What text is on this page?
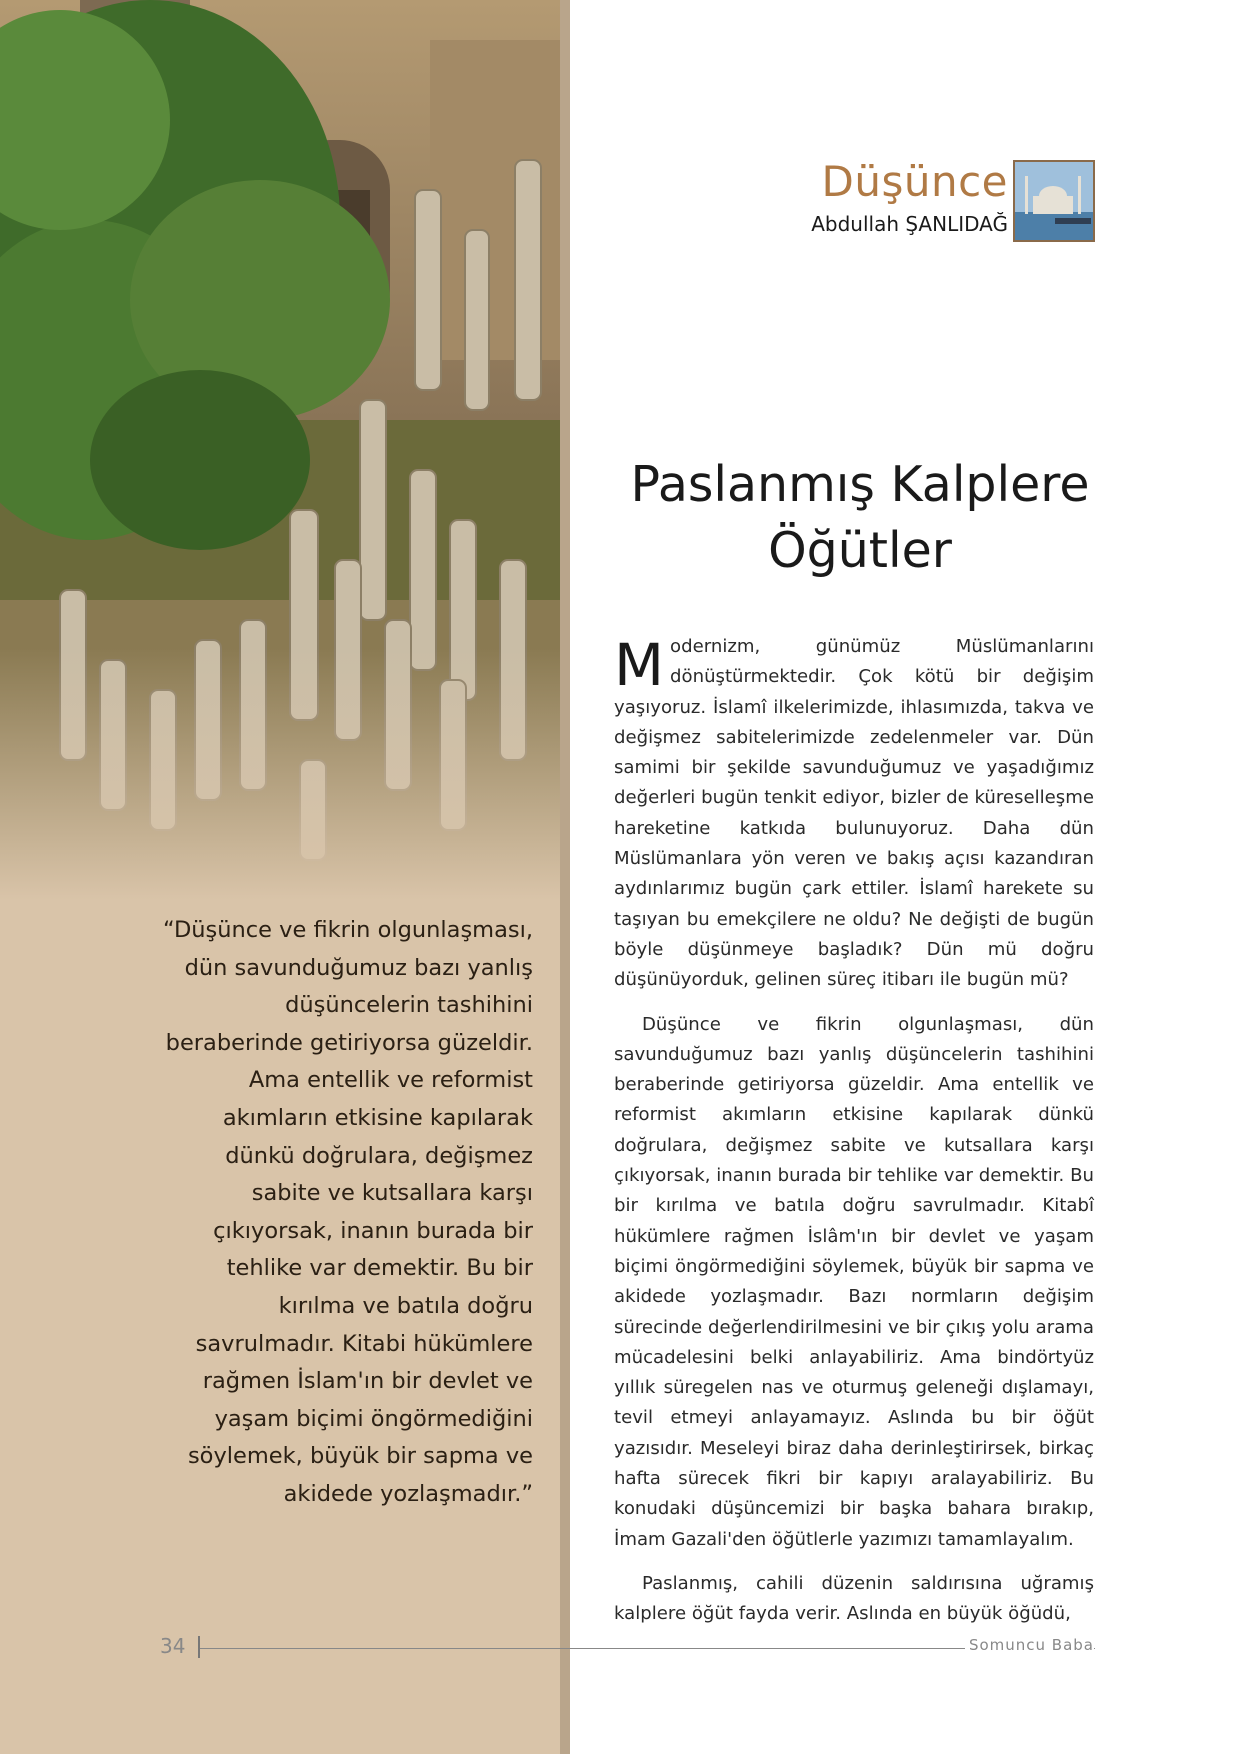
“Düşünce ve fikrin olgunlaşması, dün savunduğumuz bazı yanlış düşüncelerin tashihini beraberinde getiriyorsa güzeldir. Ama entellik ve reformist akımların etkisine kapılarak dünkü doğrulara, değişmez sabite ve kutsallara karşı çıkıyorsak, inanın burada bir tehlike var demektir. Bu bir kırılma ve batıla doğru savrulmadır. Kitabi hükümlere rağmen İslam'ın bir devlet ve yaşam biçimi öngörmediğini söylemek, büyük bir sapma ve akidede yozlaşmadır.”
Düşünce
Abdullah ŞANLIDAĞ
Paslanmış Kalplere
Öğütler

Modernizm, günümüz Müslümanlarını dönüştürmektedir. Çok kötü bir değişim yaşıyoruz. İslamî ilkelerimizde, ihlasımızda, takva ve değişmez sabitelerimizde zedelenmeler var. Dün samimi bir şekilde savunduğumuz ve yaşadığımız değerleri bugün tenkit ediyor, bizler de küreselleşme hareketine katkıda bulunuyoruz. Daha dün Müslümanlara yön veren ve bakış açısı kazandıran aydınlarımız bugün çark ettiler. İslamî harekete su taşıyan bu emekçilere ne oldu? Ne değişti de bugün böyle düşünmeye başladık? Dün mü doğru düşünüyorduk, gelinen süreç itibarı ile bugün mü?

Düşünce ve fikrin olgunlaşması, dün savunduğumuz bazı yanlış düşüncelerin tashihini beraberinde getiriyorsa güzeldir. Ama entellik ve reformist akımların etkisine kapılarak dünkü doğrulara, değişmez sabite ve kutsallara karşı çıkıyorsak, inanın burada bir tehlike var demektir. Bu bir kırılma ve batıla doğru savrulmadır. Kitabî hükümlere rağmen İslâm'ın bir devlet ve yaşam biçimi öngörmediğini söylemek, büyük bir sapma ve akidede yozlaşmadır. Bazı normların değişim sürecinde değerlendirilmesini ve bir çıkış yolu arama mücadelesini belki anlayabiliriz. Ama bindörtyüz yıllık süregelen nas ve oturmuş geleneği dışlamayı, tevil etmeyi anlayamayız. Aslında bu bir öğüt yazısıdır. Meseleyi biraz daha derinleştirirsek, birkaç hafta sürecek fikri bir kapıyı aralayabiliriz. Bu konudaki düşüncemizi bir başka bahara bırakıp, İmam Gazali'den öğütlerle yazımızı tamamlayalım.

Paslanmış, cahili düzenin saldırısına uğramış kalplere öğüt fayda verir. Aslında en büyük öğüdü,

34	Somuncu Baba
